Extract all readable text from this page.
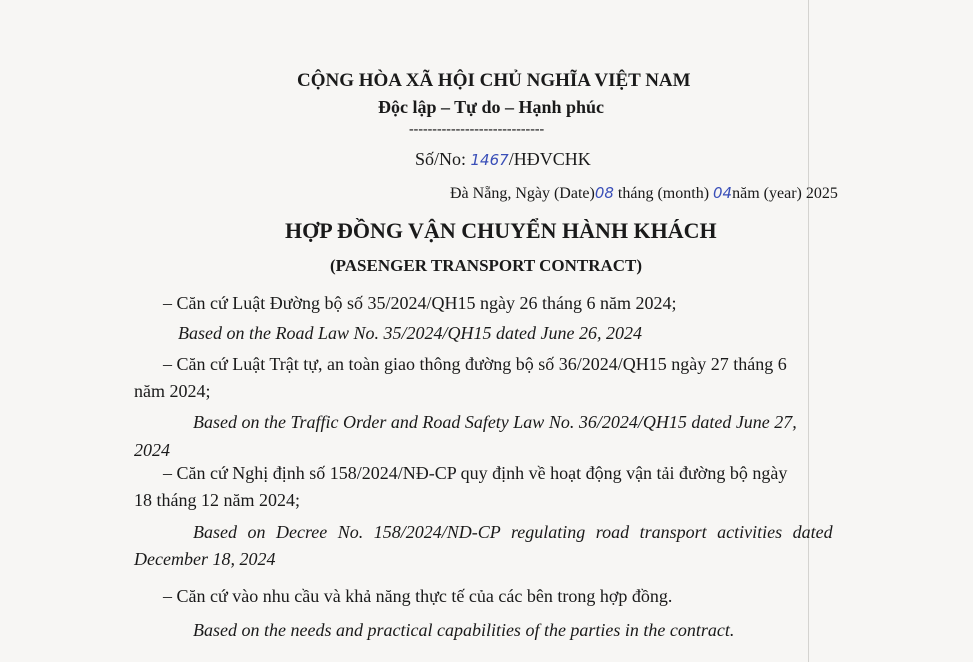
CỘNG HÒA XÃ HỘI CHỦ NGHĨA VIỆT NAM
Độc lập – Tự do – Hạnh phúc
-----------------------------
Số/No: 1467/HĐVCHK
Đà Nẵng, Ngày (Date)08 tháng (month) 04năm (year) 2025
HỢP ĐỒNG VẬN CHUYỂN HÀNH KHÁCH
(PASENGER TRANSPORT CONTRACT)
– Căn cứ Luật Đường bộ số 35/2024/QH15 ngày 26 tháng 6 năm 2024;
Based on the Road Law No. 35/2024/QH15 dated June 26, 2024
– Căn cứ Luật Trật tự, an toàn giao thông đường bộ số 36/2024/QH15 ngày 27 tháng 6
năm 2024;
Based on the Traffic Order and Road Safety Law No. 36/2024/QH15 dated June 27,
2024
– Căn cứ Nghị định số 158/2024/NĐ-CP quy định về hoạt động vận tải đường bộ ngày
18 tháng 12 năm 2024;
Based on Decree No. 158/2024/ND-CP regulating road transport activities dated
December 18, 2024
– Căn cứ vào nhu cầu và khả năng thực tế của các bên trong hợp đồng.
Based on the needs and practical capabilities of the parties in the contract.
